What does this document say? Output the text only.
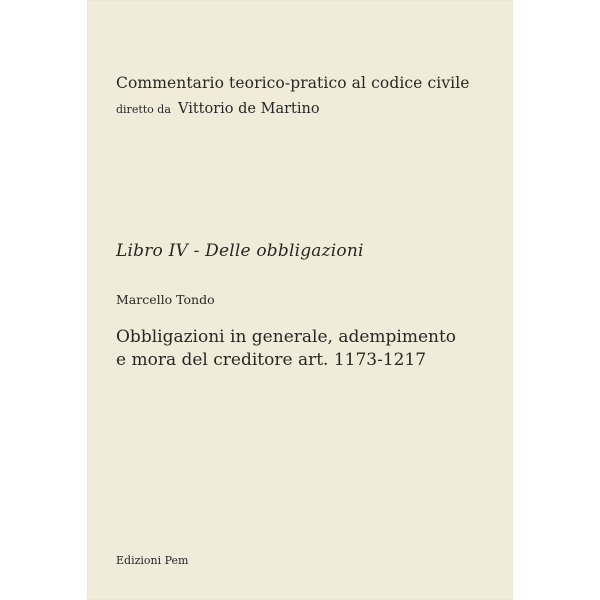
Commentario teorico-pratico al codice civile
diretto da Vittorio de Martino
Libro IV - Delle obbligazioni
Marcello Tondo
Obbligazioni in generale, adempimento
e mora del creditore art. 1173-1217
Edizioni Pem
